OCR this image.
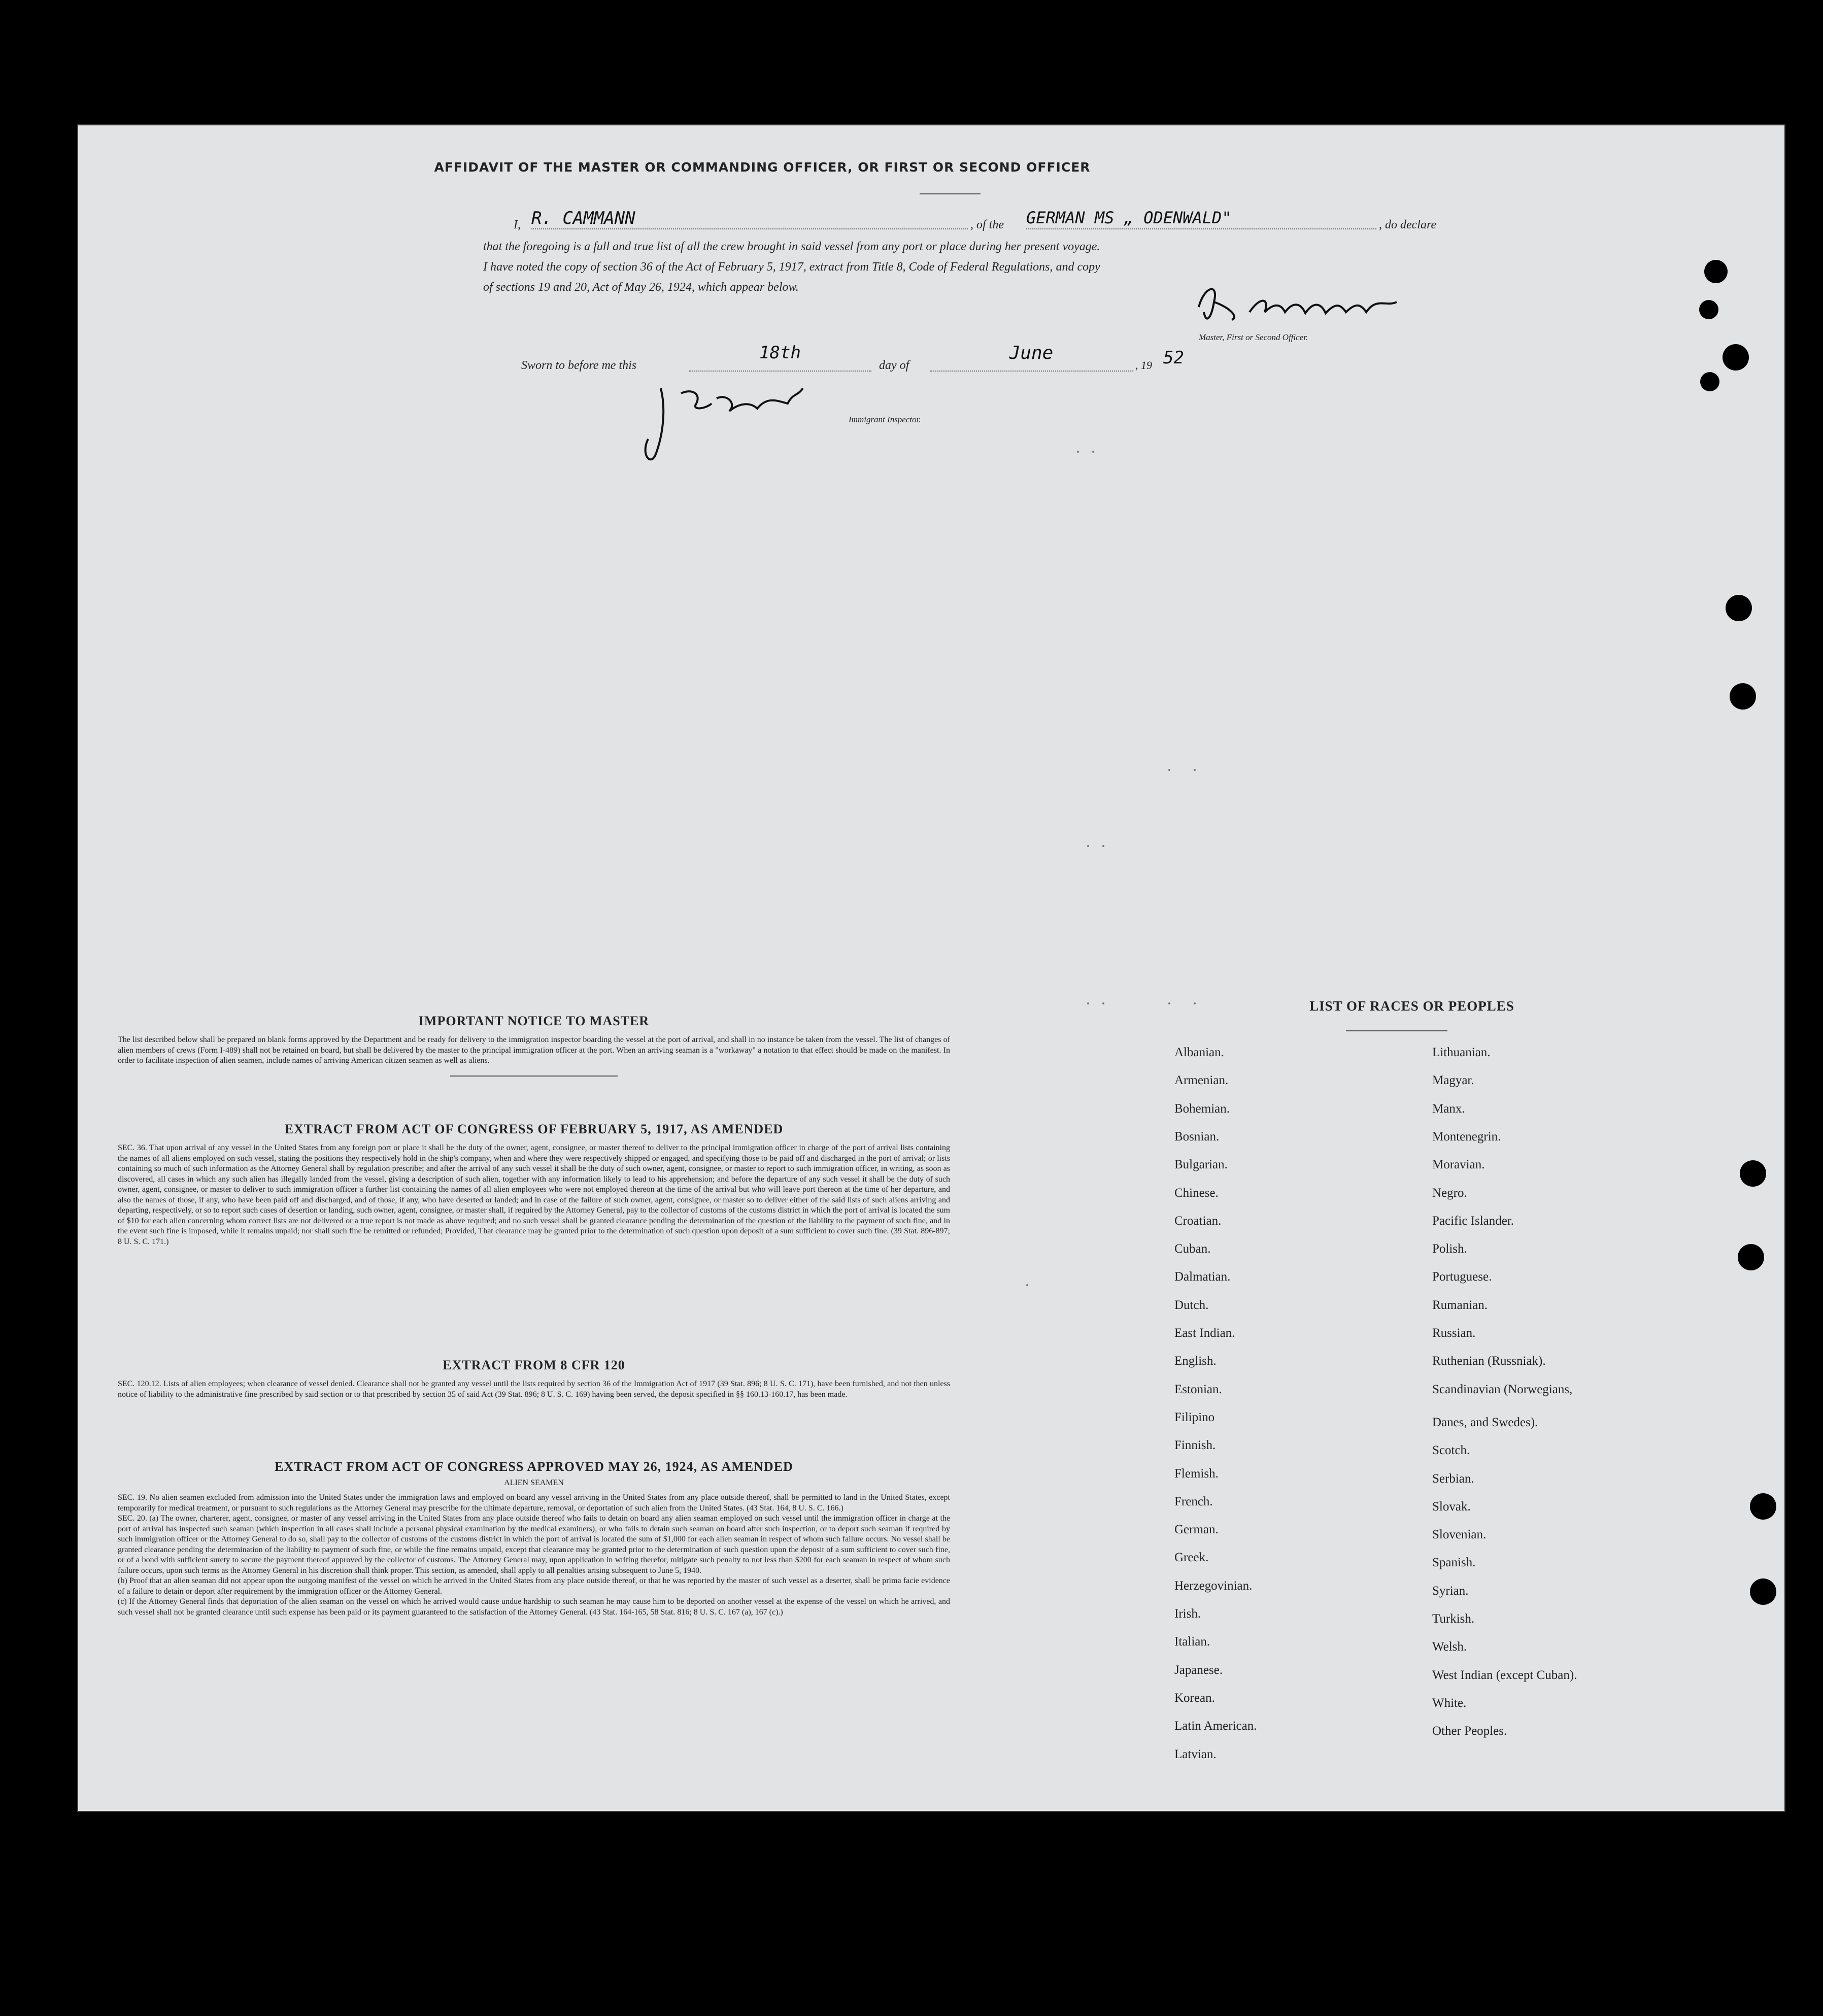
AFFIDAVIT OF THE MASTER OR COMMANDING OFFICER, OR FIRST OR SECOND OFFICER
I, R. CAMMANN	, of the GERMAN MS „ ODENWALD"	, do declare
that the foregoing is a full and true list of all the crew brought in said vessel from any port or place during her present voyage.
I have noted the copy of section 36 of the Act of February 5, 1917, extract from Title 8, Code of Federal Regulations, and copy
of sections 19 and 20, Act of May 26, 1924, which appear below.
Master, First or Second Officer.
Sworn to before me this
18th
day of
June
, 19 52
Immigrant Inspector.
IMPORTANT NOTICE TO MASTER
The list described below shall be prepared on blank forms approved by the Department and be ready for delivery to the immigration inspector boarding the vessel at the port of arrival, and shall in no instance be taken from the vessel. The list of changes of alien members of crews (Form I-489) shall not be retained on board, but shall be delivered by the master to the principal immigration officer at the port. When an arriving seaman is a "workaway" a notation to that effect should be made on the manifest. In order to facilitate inspection of alien seamen, include names of arriving American citizen seamen as well as aliens.
EXTRACT FROM ACT OF CONGRESS OF FEBRUARY 5, 1917, AS AMENDED
SEC. 36. That upon arrival of any vessel in the United States from any foreign port or place it shall be the duty of the owner, agent, consignee, or master thereof to deliver to the principal immigration officer in charge of the port of arrival lists containing the names of all aliens employed on such vessel, stating the positions they respectively hold in the ship's company, when and where they were respectively shipped or engaged, and specifying those to be paid off and discharged in the port of arrival; or lists containing so much of such information as the Attorney General shall by regulation prescribe; and after the arrival of any such vessel it shall be the duty of such owner, agent, consignee, or master to report to such immigration officer, in writing, as soon as discovered, all cases in which any such alien has illegally landed from the vessel, giving a description of such alien, together with any information likely to lead to his apprehension; and before the departure of any such vessel it shall be the duty of such owner, agent, consignee, or master to deliver to such immigration officer a further list containing the names of all alien employees who were not employed thereon at the time of the arrival but who will leave port thereon at the time of her departure, and also the names of those, if any, who have been paid off and discharged, and of those, if any, who have deserted or landed; and in case of the failure of such owner, agent, consignee, or master so to deliver either of the said lists of such aliens arriving and departing, respectively, or so to report such cases of desertion or landing, such owner, agent, consignee, or master shall, if required by the Attorney General, pay to the collector of customs of the customs district in which the port of arrival is located the sum of $10 for each alien concerning whom correct lists are not delivered or a true report is not made as above required; and no such vessel shall be granted clearance pending the determination of the question of the liability to the payment of such fine, and in the event such fine is imposed, while it remains unpaid; nor shall such fine be remitted or refunded; Provided, That clearance may be granted prior to the determination of such question upon deposit of a sum sufficient to cover such fine. (39 Stat. 896-897; 8 U. S. C. 171.)
EXTRACT FROM 8 CFR 120
SEC. 120.12. Lists of alien employees; when clearance of vessel denied. Clearance shall not be granted any vessel until the lists required by section 36 of the Immigration Act of 1917 (39 Stat. 896; 8 U. S. C. 171), have been furnished, and not then unless notice of liability to the administrative fine prescribed by said section or to that prescribed by section 35 of said Act (39 Stat. 896; 8 U. S. C. 169) having been served, the deposit specified in §§ 160.13-160.17, has been made.
EXTRACT FROM ACT OF CONGRESS APPROVED MAY 26, 1924, AS AMENDED
ALIEN SEAMEN
SEC. 19. No alien seamen excluded from admission into the United States under the immigration laws and employed on board any vessel arriving in the United States from any place outside thereof, shall be permitted to land in the United States, except temporarily for medical treatment, or pursuant to such regulations as the Attorney General may prescribe for the ultimate departure, removal, or deportation of such alien from the United States. (43 Stat. 164, 8 U. S. C. 166.)
SEC. 20. (a) The owner, charterer, agent, consignee, or master of any vessel arriving in the United States from any place outside thereof who fails to detain on board any alien seaman employed on such vessel until the immigration officer in charge at the port of arrival has inspected such seaman (which inspection in all cases shall include a personal physical examination by the medical examiners), or who fails to detain such seaman on board after such inspection, or to deport such seaman if required by such immigration officer or the Attorney General to do so, shall pay to the collector of customs of the customs district in which the port of arrival is located the sum of $1,000 for each alien seaman in respect of whom such failure occurs. No vessel shall be granted clearance pending the determination of the liability to payment of such fine, or while the fine remains unpaid, except that clearance may be granted prior to the determination of such question upon the deposit of a sum sufficient to cover such fine, or of a bond with sufficient surety to secure the payment thereof approved by the collector of customs. The Attorney General may, upon application in writing therefor, mitigate such penalty to not less than $200 for each seaman in respect of whom such failure occurs, upon such terms as the Attorney General in his discretion shall think proper. This section, as amended, shall apply to all penalties arising subsequent to June 5, 1940.
(b) Proof that an alien seaman did not appear upon the outgoing manifest of the vessel on which he arrived in the United States from any place outside thereof, or that he was reported by the master of such vessel as a deserter, shall be prima facie evidence of a failure to detain or deport after requirement by the immigration officer or the Attorney General.
(c) If the Attorney General finds that deportation of the alien seaman on the vessel on which he arrived would cause undue hardship to such seaman he may cause him to be deported on another vessel at the expense of the vessel on which he arrived, and such vessel shall not be granted clearance until such expense has been paid or its payment guaranteed to the satisfaction of the Attorney General. (43 Stat. 164-165, 58 Stat. 816; 8 U. S. C. 167 (a), 167 (c).)
LIST OF RACES OR PEOPLES
Albanian.
Armenian.
Bohemian.
Bosnian.
Bulgarian.
Chinese.
Croatian.
Cuban.
Dalmatian.
Dutch.
East Indian.
English.
Estonian.
Filipino
Finnish.
Flemish.
French.
German.
Greek.
Herzegovinian.
Irish.
Italian.
Japanese.
Korean.
Latin American.
Latvian.
Lithuanian.
Magyar.
Manx.
Montenegrin.
Moravian.
Negro.
Pacific Islander.
Polish.
Portuguese.
Rumanian.
Russian.
Ruthenian (Russniak).
Scandinavian (Norwegians,
Danes, and Swedes).
Scotch.
Serbian.
Slovak.
Slovenian.
Spanish.
Syrian.
Turkish.
Welsh.
West Indian (except Cuban).
White.
Other Peoples.
